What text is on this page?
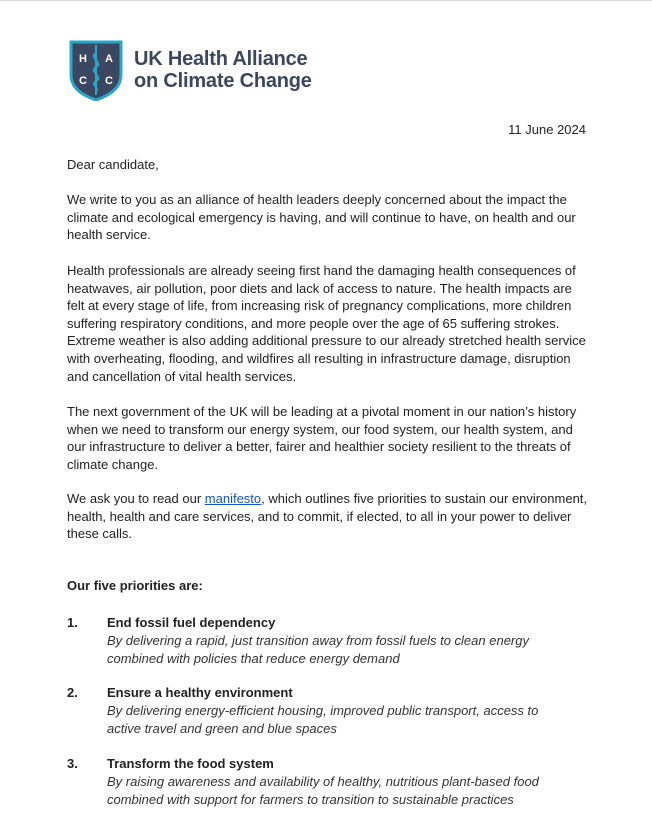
H A
C C
UK Health Alliance
on Climate Change
11 June 2024
Dear candidate,
We write to you as an alliance of health leaders deeply concerned about the impact the climate and ecological emergency is having, and will continue to have, on health and our health service.
Health professionals are already seeing first hand the damaging health consequences of heatwaves, air pollution, poor diets and lack of access to nature. The health impacts are felt at every stage of life, from increasing risk of pregnancy complications, more children suffering respiratory conditions, and more people over the age of 65 suffering strokes. Extreme weather is also adding additional pressure to our already stretched health service with overheating, flooding, and wildfires all resulting in infrastructure damage, disruption and cancellation of vital health services.
The next government of the UK will be leading at a pivotal moment in our nation’s history when we need to transform our energy system, our food system, our health system, and our infrastructure to deliver a better, fairer and healthier society resilient to the threats of climate change.
We ask you to read our manifesto, which outlines five priorities to sustain our environment, health, health and care services, and to commit, if elected, to all in your power to deliver these calls.
Our five priorities are:
1. End fossil fuel dependency
By delivering a rapid, just transition away from fossil fuels to clean energy combined with policies that reduce energy demand
2. Ensure a healthy environment
By delivering energy-efficient housing, improved public transport, access to active travel and green and blue spaces
3. Transform the food system
By raising awareness and availability of healthy, nutritious plant-based food combined with support for farmers to transition to sustainable practices
